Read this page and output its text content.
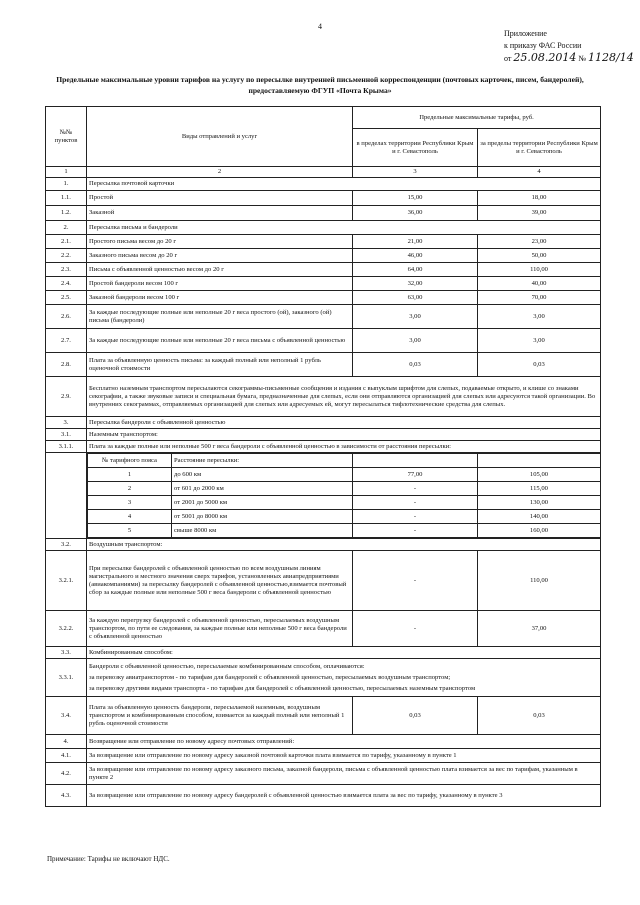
4
Приложение
к приказу ФАС России
от 25.08.2014 № 1128/14
Предельные максимальные уровни тарифов на услугу по пересылке внутренней письменной корреспонденции (почтовых карточек, писем, бандеролей), предоставляемую ФГУП «Почта Крыма»
№№ пунктов	Виды отправлений и услуг	Предельные максимальные тарифы, руб.
в пределах территории Республики Крым и г. Севастополь	за пределы территории Республики Крым и г. Севастополь
1	2	3	4
1.	Пересылка почтовой карточки
1.1.	Простой	15,00	18,00
1.2.	Заказной	36,00	39,00
2.	Пересылка письма и бандероли
2.1.	Простого письма весом до 20 г	21,00	23,00
2.2.	Заказного письма весом до 20 г	46,00	50,00
2.3.	Письма с объявленной ценностью весом до 20 г	64,00	110,00
2.4.	Простой бандероли весом 100 г	32,00	40,00
2.5.	Заказной бандероли весом 100 г	63,00	70,00
2.6.	За каждые последующие полные или неполные 20 г веса простого (ой), заказного (ой) письма (бандероли)	3,00	3,00
2.7.	За каждые последующие полные или неполные 20 г веса письма с объявленной ценностью	3,00	3,00
2.8.	Плата за объявленную ценность письма: за каждый полный или неполный 1 рубль оценочной стоимости	0,03	0,03
2.9.	Бесплатно наземным транспортом пересылаются секограммы-письменные сообщения и издания с выпуклым шрифтом для слепых, подаваемые открыто, и клише со знаками секографии, а также звуковые записи и специальная бумага, предназначенные для слепых, если они отправляются организацией для слепых или адресуются такой организации. Во внутренних секограммах, отправляемых организацией для слепых или адресуемых ей, могут пересылаться тифлотехнические средства для слепых.
3.	Пересылка бандероли с объявленной ценностью
3.1.	Наземным транспортом:
3.1.1.	Плата за каждые полные или неполные 500 г веса бандероли с объявленной ценностью в зависимости от расстояния пересылки:

№ тарифного пояса	Расстояние пересылки:		
1	до 600 км	77,00	105,00
2	от 601 до 2000 км	-	115,00
3	от 2001 до 5000 км	-	130,00
4	от 5001 до 8000 км	-	140,00
5	свыше 8000 км	-	160,00

3.2.	Воздушным транспортом:
3.2.1.	При пересылке бандеролей с объявленной ценностью по всем воздушным линиям магистрального и местного значения сверх тарифов, установленных авиапредприятиями (авиакомпаниями) за пересылку бандеролей с объявленной ценностью,взимается почтовый сбор за каждые полные или неполные 500 г веса бандероли с объявленной ценностью	-	110,00
3.2.2.	За каждую перегрузку бандеролей с объявленной ценностью, пересылаемых воздушным транспортом, по пути ее следования, за каждые полные или неполные 500 г веса бандероли с объявленной ценностью	-	37,00
3.3.	Комбинированным способом:
3.3.1.	
Бандероли с объявленной ценностью, пересылаемые комбинированным способом, оплачиваются:
за перевозку авиатранспортом - по тарифам для бандеролей с объявленной ценностью, пересылаемых воздушным транспортом;
за перевозку другими видами транспорта - по тарифам для бандеролей с объявленной ценностью, пересылаемых наземным транспортом

3.4.	Плата за объявленную ценность бандероли, пересылаемой наземным, воздушным транспортом и комбинированным способом, взимается за каждый полный или неполный 1 рубль оценочной стоимости	0,03	0,03
4.	Возвращение или отправление по новому адресу почтовых отправлений:
4.1.	За возвращение или отправление по новому адресу заказной почтовой карточки плата взимается по тарифу, указанному в пункте 1
4.2.	За возвращение или отправление по новому адресу заказного письма, заказной бандероли, письма с объявленной ценностью плата взимается за вес по тарифам, указанным в пункте 2
4.3.	За возвращение или отправление по новому адресу бандеролей с объявленной ценностью взимается плата за вес по тарифу, указанному в пункте 3
Примечание: Тарифы не включают НДС.
